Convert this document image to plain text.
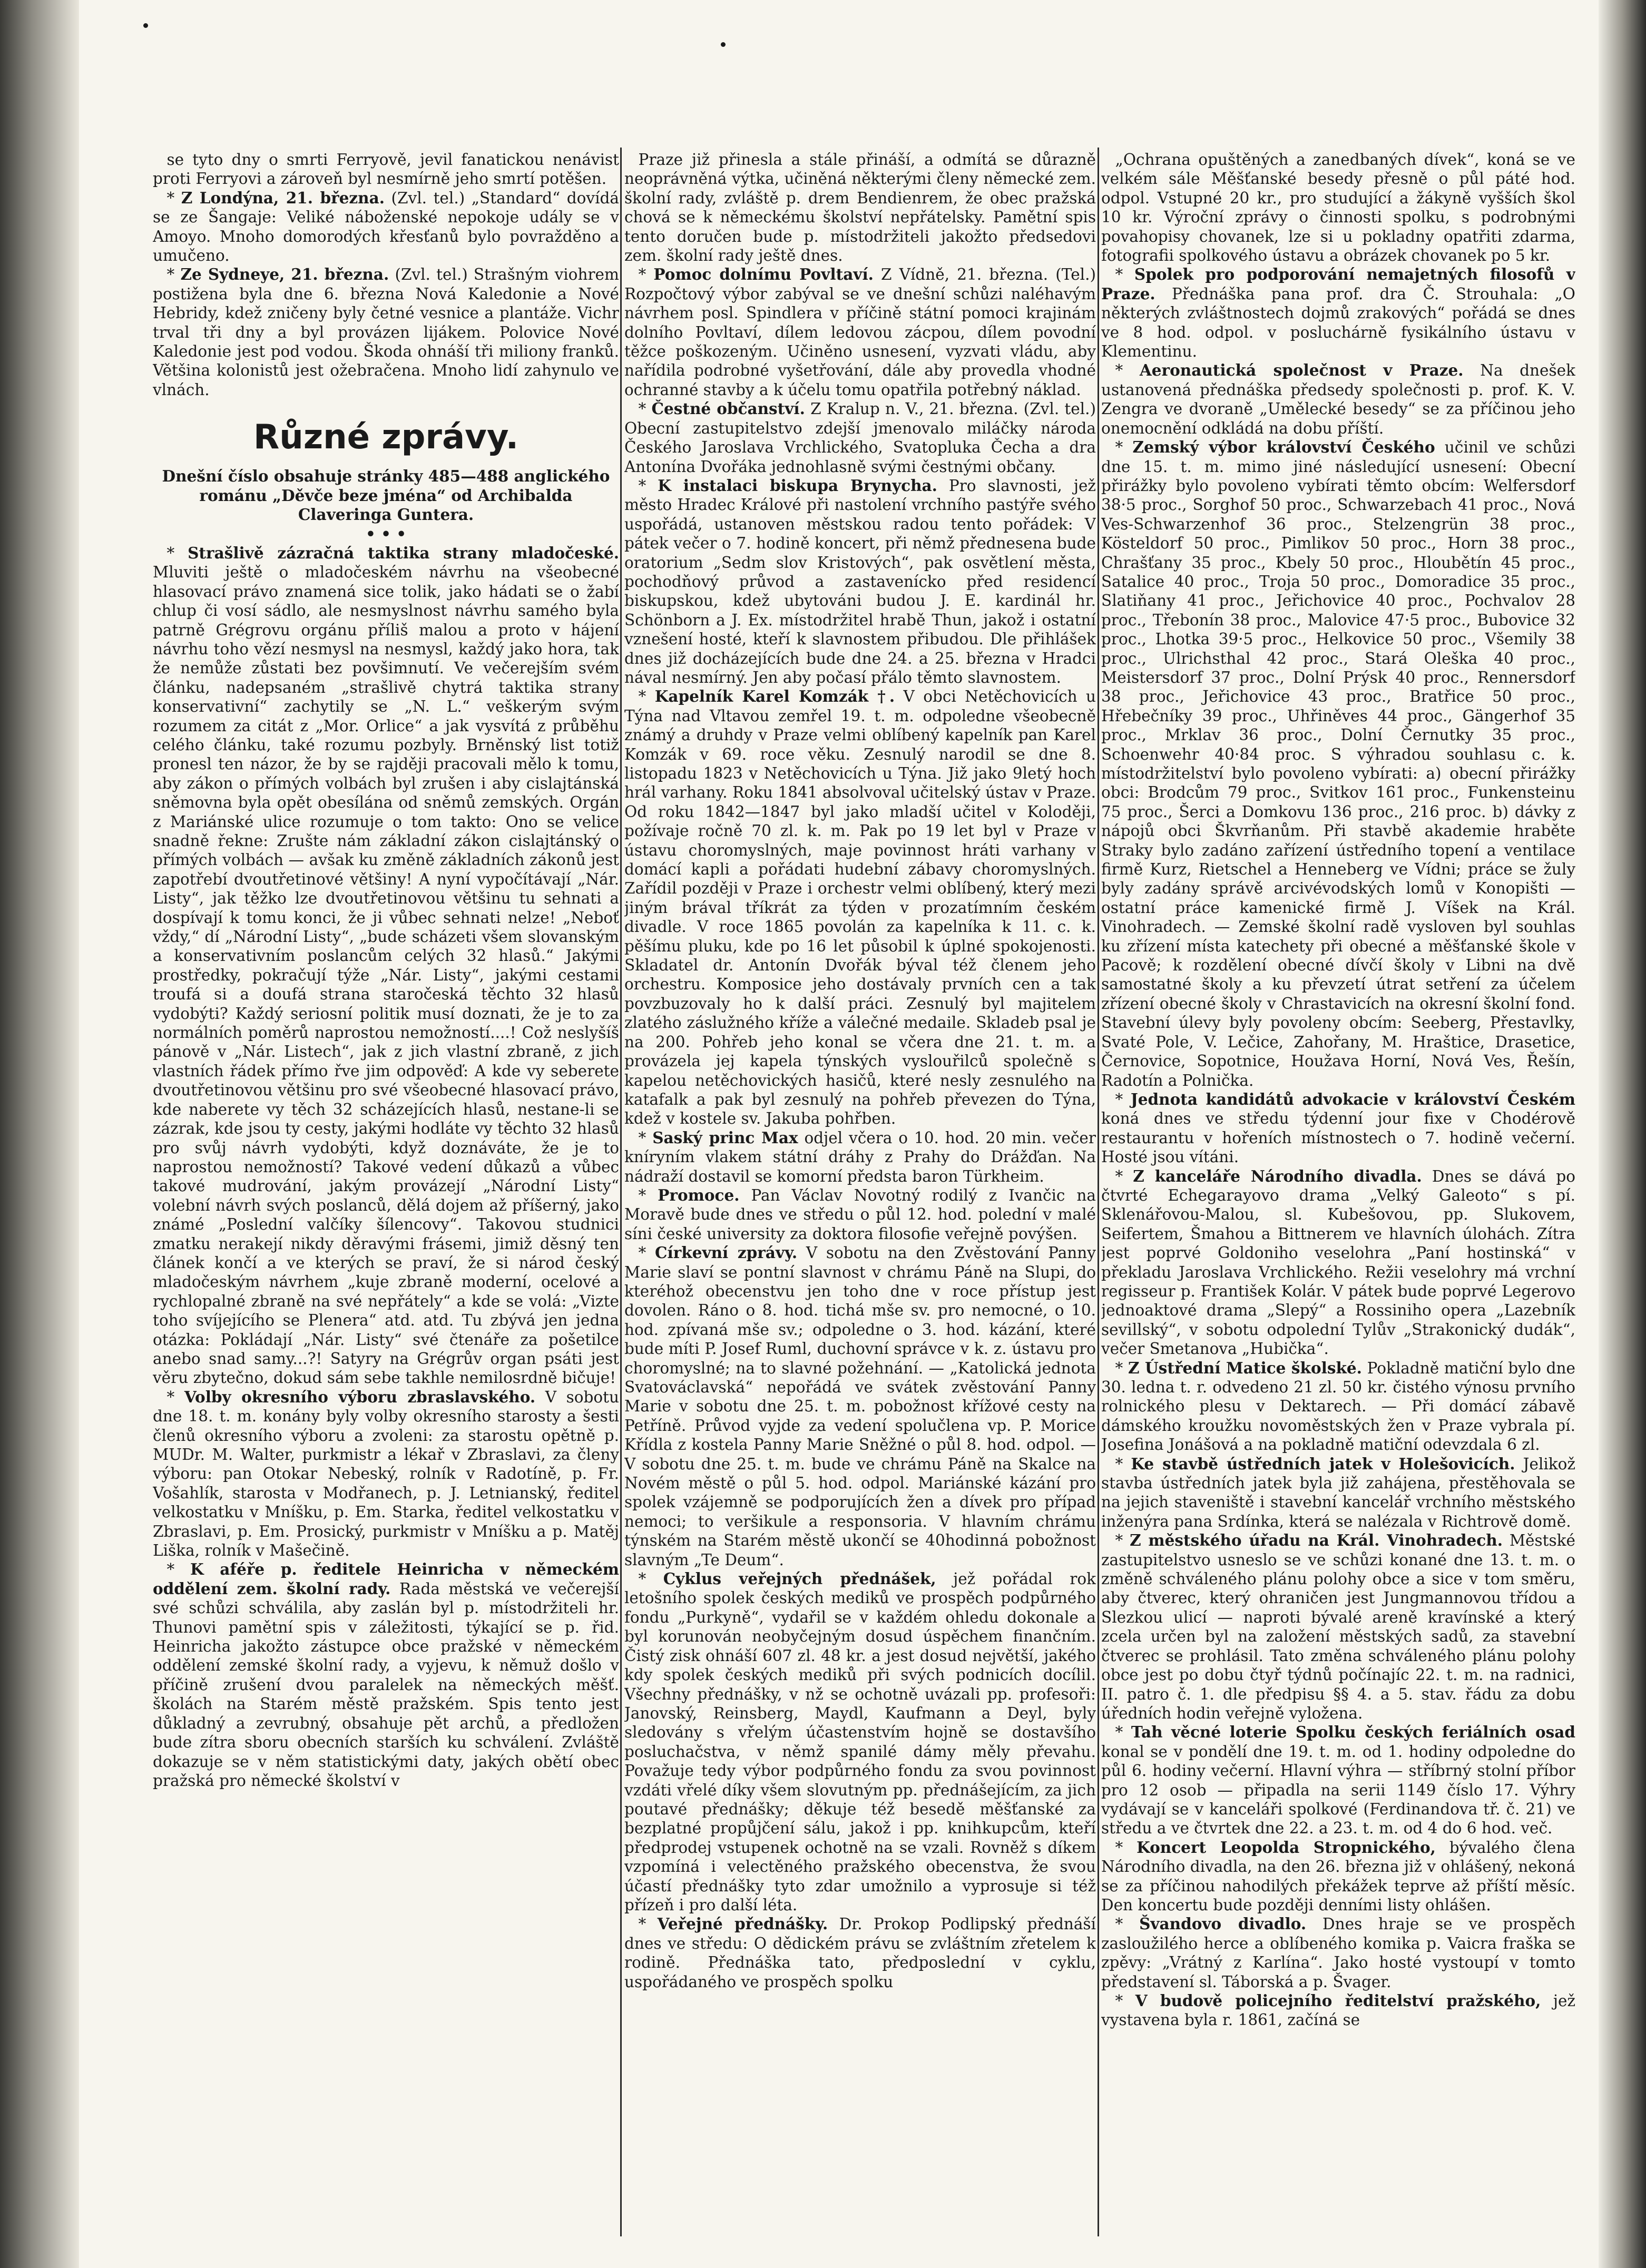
se tyto dny o smrti Ferryově, jevil fanatickou nenávist proti Ferryovi a zároveň byl nesmírně jeho smrtí potěšen.

* Z Londýna, 21. března. (Zvl. tel.) „Standard“ dovídá se ze Šangaje: Veliké náboženské nepokoje udály se v Amoyo. Mnoho domorodých křesťanů bylo povražděno a umučeno.

* Ze Sydneye, 21. března. (Zvl. tel.) Strašným viohrem postižena byla dne 6. března Nová Kaledonie a Nové Hebridy, kdež zničeny byly četné vesnice a plantáže. Vichr trval tři dny a byl provázen lijákem. Polovice Nové Kaledonie jest pod vodou. Škoda ohnáší tři miliony franků. Většina kolonistů jest ožebračena. Mnoho lidí zahynulo ve vlnách.

Různé zprávy.

Dnešní číslo obsahuje stránky 485—488 anglického románu „Děvče beze jména“ od Archibalda Claveringa Guntera.

• • •

* Strašlivě zázračná taktika strany mladočeské. Mluviti ještě o mladočeském návrhu na všeobecné hlasovací právo znamená sice tolik, jako hádati se o žabí chlup či vosí sádlo, ale nesmyslnost návrhu samého byla patrně Grégrovu orgánu příliš malou a proto v hájení návrhu toho vězí nesmysl na nesmysl, každý jako hora, tak že nemůže zůstati bez povšimnutí. Ve večerejším svém článku, nadepsaném „strašlivě chytrá taktika strany konservativní“ zachytily se „N. L.“ veškerým svým rozumem za citát z „Mor. Orlice“ a jak vysvítá z průběhu celého článku, také rozumu pozbyly. Brněnský list totiž pronesl ten názor, že by se rajději pracovali mělo k tomu, aby zákon o přímých volbách byl zrušen i aby cislajtánská sněmovna byla opět obesílána od sněmů zemských. Orgán z Mariánské ulice rozumuje o tom takto: Ono se velice snadně řekne: Zrušte nám základní zákon cislajtánský o přímých volbách — avšak ku změně základních zákonů jest zapotřebí dvoutřetinové většiny! A nyní vypočítávají „Nár. Listy“, jak těžko lze dvoutřetinovou většinu tu sehnati a dospívají k tomu konci, že ji vůbec sehnati nelze! „Neboť vždy,“ dí „Národní Listy“, „bude scházeti všem slovanským a konservativním poslancům celých 32 hlasů.“ Jakými prostředky, pokračují týže „Nár. Listy“, jakými cestami troufá si a doufá strana staročeská těchto 32 hlasů vydobýti? Každý seriosní politik musí doznati, že je to za normálních poměrů naprostou nemožností....! Což neslyšíš pánově v „Nár. Listech“, jak z jich vlastní zbraně, z jich vlastních řádek přímo řve jim odpověď: A kde vy seberete dvoutřetinovou většinu pro své všeobecné hlasovací právo, kde naberete vy těch 32 scházejících hlasů, nestane-li se zázrak, kde jsou ty cesty, jakými hodláte vy těchto 32 hlasů pro svůj návrh vydobýti, když doznáváte, že je to naprostou nemožností? Takové vedení důkazů a vůbec takové mudrování, jakým provázejí „Národní Listy“ volební návrh svých poslanců, dělá dojem až příšerný, jako známé „Poslední valčíky šílencovy“. Takovou studnici zmatku nerakejí nikdy děravými frásemi, jimiž děsný ten článek končí a ve kterých se praví, že si národ český mladočeským návrhem „kuje zbraně moderní, ocelové a rychlopalné zbraně na své nepřátely“ a kde se volá: „Vizte toho svíjejícího se Plenera“ atd. atd. Tu zbývá jen jedna otázka: Pokládají „Nár. Listy“ své čtenáře za pošetilce anebo snad samy...?! Satyry na Grégrův organ psáti jest věru zbytečno, dokud sám sebe takhle nemilosrdně bičuje!

* Volby okresního výboru zbraslavského. V sobotu dne 18. t. m. konány byly volby okresního starosty a šesti členů okresního výboru a zvoleni: za starostu opětně p. MUDr. M. Walter, purkmistr a lékař v Zbraslavi, za členy výboru: pan Otokar Nebeský, rolník v Radotíně, p. Fr. Vošahlík, starosta v Modřanech, p. J. Letnianský, ředitel velkostatku v Mníšku, p. Em. Starka, ředitel velkostatku v Zbraslavi, p. Em. Prosický, purkmistr v Mníšku a p. Matěj Liška, rolník v Mašečině.

* K aféře p. ředitele Heinricha v německém oddělení zem. školní rady. Rada městská ve večerejší své schůzi schválila, aby zaslán byl p. místodržiteli hr. Thunovi pamětní spis v záležitosti, týkající se p. řid. Heinricha jakožto zástupce obce pražské v německém oddělení zemské školní rady, a vyjevu, k němuž došlo v příčině zrušení dvou paralelek na německých měšť. školách na Starém městě pražském. Spis tento jest důkladný a zevrubný, obsahuje pět archů, a předložen bude zítra sboru obecních starších ku schválení. Zvláště dokazuje se v něm statistickými daty, jakých obětí obec pražská pro německé školství v

Praze již přinesla a stále přináší, a odmítá se důrazně neoprávněná výtka, učiněná některými členy německé zem. školní rady, zvláště p. drem Bendienrem, že obec pražská chová se k německému školství nepřátelsky. Pamětní spis tento doručen bude p. místodržiteli jakožto předsedovi zem. školní rady ještě dnes.

* Pomoc dolnímu Povltaví. Z Vídně, 21. března. (Tel.) Rozpočtový výbor zabýval se ve dnešní schůzi naléhavým návrhem posl. Spindlera v příčině státní pomoci krajinám dolního Povltaví, dílem ledovou zácpou, dílem povodní těžce poškozeným. Učiněno usnesení, vyzvati vládu, aby nařídila podrobné vyšetřování, dále aby provedla vhodné ochranné stavby a k účelu tomu opatřila potřebný náklad.

* Čestné občanství. Z Kralup n. V., 21. března. (Zvl. tel.) Obecní zastupitelstvo zdejší jmenovalo miláčky národa Českého Jaroslava Vrchlického, Svatopluka Čecha a dra Antonína Dvořáka jednohlasně svými čestnými občany.

* K instalaci biskupa Brynycha. Pro slavnosti, jež město Hradec Králové při nastolení vrchního pastýře svého uspořádá, ustanoven městskou radou tento pořádek: V pátek večer o 7. hodině koncert, při němž přednesena bude oratorium „Sedm slov Kristových“, pak osvětlení města, pochodňový průvod a zastavenícko před residencí biskupskou, kdež ubytováni budou J. E. kardinál hr. Schönborn a J. Ex. místodržitel hrabě Thun, jakož i ostatní vznešení hosté, kteří k slavnostem přibudou. Dle přihlášek dnes již docházejících bude dne 24. a 25. března v Hradci nával nesmírný. Jen aby počasí přálo těmto slavnostem.

* Kapelník Karel Komzák †. V obci Netěchovicích u Týna nad Vltavou zemřel 19. t. m. odpoledne všeobecně známý a druhdy v Praze velmi oblíbený kapelník pan Karel Komzák v 69. roce věku. Zesnulý narodil se dne 8. listopadu 1823 v Netěchovicích u Týna. Již jako 9letý hoch hrál varhany. Roku 1841 absolvoval učitelský ústav v Praze. Od roku 1842—1847 byl jako mladší učitel v Koloději, požívaje ročně 70 zl. k. m. Pak po 19 let byl v Praze v ústavu choromyslných, maje povinnost hráti varhany v domácí kapli a pořádati hudební zábavy choromyslných. Zařídil později v Praze i orchestr velmi oblíbený, který mezi jiným brával tříkrát za týden v prozatímním českém divadle. V roce 1865 povolán za kapelníka k 11. c. k. pěšímu pluku, kde po 16 let působil k úplné spokojenosti. Skladatel dr. Antonín Dvořák býval též členem jeho orchestru. Komposice jeho dostávaly prvních cen a tak povzbuzovaly ho k další práci. Zesnulý byl majitelem zlatého záslužného kříže a válečné medaile. Skladeb psal je na 200. Pohřeb jeho konal se včera dne 21. t. m. a provázela jej kapela týnských vyslouřilců společně s kapelou netěchovických hasičů, které nesly zesnulého na katafalk a pak byl zesnulý na pohřeb převezen do Týna, kdež v kostele sv. Jakuba pohřben.

* Saský princ Max odjel včera o 10. hod. 20 min. večer kníryním vlakem státní dráhy z Prahy do Drážďan. Na nádraží dostavil se komorní předsta baron Türkheim.

* Promoce. Pan Václav Novotný rodilý z Ivančic na Moravě bude dnes ve středu o půl 12. hod. polední v malé síni české university za doktora filosofie veřejně povýšen.

* Církevní zprávy. V sobotu na den Zvěstování Panny Marie slaví se pontní slavnost v chrámu Páně na Slupi, do kteréhož obecenstvu jen toho dne v roce přístup jest dovolen. Ráno o 8. hod. tichá mše sv. pro nemocné, o 10. hod. zpívaná mše sv.; odpoledne o 3. hod. kázání, které bude míti P. Josef Ruml, duchovní správce v k. z. ústavu pro choromyslné; na to slavné požehnání. — „Katolická jednota Svatováclavská“ nepořádá ve svátek zvěstování Panny Marie v sobotu dne 25. t. m. pobožnost křížové cesty na Petříně. Průvod vyjde za vedení spolučlena vp. P. Morice Křídla z kostela Panny Marie Sněžné o půl 8. hod. odpol. — V sobotu dne 25. t. m. bude ve chrámu Páně na Skalce na Novém městě o půl 5. hod. odpol. Mariánské kázání pro spolek vzájemně se podporujících žen a dívek pro případ nemoci; to veršikule a responsoria. V hlavním chrámu týnském na Starém městě ukončí se 40hodinná pobožnost slavným „Te Deum“.

* Cyklus veřejných přednášek, jež pořádal rok letošního spolek českých mediků ve prospěch podpůrného fondu „Purkyně“, vydařil se v každém ohledu dokonale a byl korunován neobyčejným dosud úspěchem finančním. Čistý zisk ohnáší 607 zl. 48 kr. a jest dosud největší, jakého kdy spolek českých mediků při svých podnicích docílil. Všechny přednášky, v nž se ochotně uvázali pp. profesoři: Janovský, Reinsberg, Maydl, Kaufmann a Deyl, byly sledovány s vřelým účastenstvím hojně se dostavšího posluchačstva, v němž spanilé dámy měly převahu. Považuje tedy výbor podpůrného fondu za svou povinnost vzdáti vřelé díky všem slovutným pp. přednášejícím, za jich poutavé přednášky; děkuje též besedě měšťanské za bezplatné propůjčení sálu, jakož i pp. knihkupcům, kteří předprodej vstupenek ochotně na se vzali. Rovněž s díkem vzpomíná i velectěného pražského obecenstva, že svou účastí přednášky tyto zdar umožnilo a vyprosuje si též přízeň i pro další léta.

* Veřejné přednášky. Dr. Prokop Podlipský přednáší dnes ve středu: O dědickém právu se zvláštním zřetelem k rodině. Přednáška tato, předposlední v cyklu, uspořádaného ve prospěch spolku

„Ochrana opuštěných a zanedbaných dívek“, koná se ve velkém sále Měšťanské besedy přesně o půl páté hod. odpol. Vstupné 20 kr., pro studující a žákyně vyšších škol 10 kr. Výroční zprávy o činnosti spolku, s podrobnými povahopisy chovanek, lze si u pokladny opatřiti zdarma, fotografii spolkového ústavu a obrázek chovanek po 5 kr.

* Spolek pro podporování nemajetných filosofů v Praze. Přednáška pana prof. dra Č. Strouhala: „O některých zvláštnostech dojmů zrakových“ pořádá se dnes ve 8 hod. odpol. v posluchárně fysikálního ústavu v Klementinu.

* Aeronautická společnost v Praze. Na dnešek ustanovená přednáška předsedy společnosti p. prof. K. V. Zengra ve dvoraně „Umělecké besedy“ se za příčinou jeho onemocnění odkládá na dobu příští.

* Zemský výbor království Českého učinil ve schůzi dne 15. t. m. mimo jiné následující usnesení: Obecní přirážky bylo povoleno vybírati těmto obcím: Welfersdorf 38·5 proc., Sorghof 50 proc., Schwarzebach 41 proc., Nová Ves-Schwarzenhof 36 proc., Stelzengrün 38 proc., Kösteldorf 50 proc., Pimlikov 50 proc., Horn 38 proc., Chrašťany 35 proc., Kbely 50 proc., Hloubětín 45 proc., Satalice 40 proc., Troja 50 proc., Domoradice 35 proc., Slatiňany 41 proc., Jeřichovice 40 proc., Pochvalov 28 proc., Třebonín 38 proc., Malovice 47·5 proc., Bubovice 32 proc., Lhotka 39·5 proc., Helkovice 50 proc., Všemily 38 proc., Ulrichsthal 42 proc., Stará Oleška 40 proc., Meistersdorf 37 proc., Dolní Prýsk 40 proc., Rennersdorf 38 proc., Jeřichovice 43 proc., Bratřice 50 proc., Hřebečníky 39 proc., Uhřiněves 44 proc., Gängerhof 35 proc., Mrklav 36 proc., Dolní Černutky 35 proc., Schoenwehr 40·84 proc. S výhradou souhlasu c. k. místodržitelství bylo povoleno vybírati: a) obecní přirážky obci: Brodcům 79 proc., Svitkov 161 proc., Funkensteinu 75 proc., Šerci a Domkovu 136 proc., 216 proc. b) dávky z nápojů obci Škvrňanům. Při stavbě akademie hraběte Straky bylo zadáno zařízení ústředního topení a ventilace firmě Kurz, Rietschel a Henneberg ve Vídni; práce se žuly byly zadány správě arcivévodských lomů v Konopišti — ostatní práce kamenické firmě J. Víšek na Král. Vinohradech. — Zemské školní radě vysloven byl souhlas ku zřízení místa katechety při obecné a měšťanské škole v Pacově; k rozdělení obecné dívčí školy v Libni na dvě samostatné školy a ku převzetí útrat setření za účelem zřízení obecné školy v Chrastavicích na okresní školní fond. Stavební úlevy byly povoleny obcím: Seeberg, Přestavlky, Svaté Pole, V. Lečice, Zahořany, M. Hraštice, Drasetice, Černovice, Sopotnice, Houžava Horní, Nová Ves, Řešín, Radotín a Polnička.

* Jednota kandidátů advokacie v království Českém koná dnes ve středu týdenní jour fixe v Chodérově restaurantu v hořeních místnostech o 7. hodině večerní. Hosté jsou vítáni.

* Z kanceláře Národního divadla. Dnes se dává po čtvrté Echegarayovo drama „Velký Galeoto“ s pí. Sklenářovou-Malou, sl. Kubešovou, pp. Slukovem, Seifertem, Šmahou a Bittnerem ve hlavních úlohách. Zítra jest poprvé Goldoniho veselohra „Paní hostinská“ v překladu Jaroslava Vrchlického. Režii veselohry má vrchní regisseur p. František Kolár. V pátek bude poprvé Legerovo jednoaktové drama „Slepý“ a Rossiniho opera „Lazebník sevillský“, v sobotu odpolední Tylův „Strakonický dudák“, večer Smetanova „Hubička“.

* Z Ústřední Matice školské. Pokladně matiční bylo dne 30. ledna t. r. odvedeno 21 zl. 50 kr. čistého výnosu prvního rolnického plesu v Dektarech. — Při domácí zábavě dámského kroužku novoměstských žen v Praze vybrala pí. Josefina Jonášová a na pokladně matiční odevzdala 6 zl.

* Ke stavbě ústředních jatek v Holešovicích. Jelikož stavba ústředních jatek byla již zahájena, přestěhovala se na jejich staveniště i stavební kancelář vrchního městského inženýra pana Srdínka, která se nalézala v Richtrově domě.

* Z městského úřadu na Král. Vinohradech. Městské zastupitelstvo usneslo se ve schůzi konané dne 13. t. m. o změně schváleného plánu polohy obce a sice v tom směru, aby čtverec, který ohraničen jest Jungmannovou třídou a Slezkou ulicí — naproti bývalé areně kravínské a který zcela určen byl na založení městských sadů, za stavební čtverec se prohlásil. Tato změna schváleného plánu polohy obce jest po dobu čtyř týdnů počínajíc 22. t. m. na radnici, II. patro č. 1. dle předpisu §§ 4. a 5. stav. řádu za dobu úředních hodin veřejně vyložena.

* Tah věcné loterie Spolku českých feriálních osad konal se v pondělí dne 19. t. m. od 1. hodiny odpoledne do půl 6. hodiny večerní. Hlavní výhra — stříbrný stolní příbor pro 12 osob — připadla na serii 1149 číslo 17. Výhry vydávají se v kanceláři spolkové (Ferdinandova tř. č. 21) ve středu a ve čtvrtek dne 22. a 23. t. m. od 4 do 6 hod. več.

* Koncert Leopolda Stropnického, bývalého člena Národního divadla, na den 26. března již v ohlášený, nekoná se za příčinou nahodilých překážek teprve až příští měsíc. Den koncertu bude později denními listy ohlášen.

* Švandovo divadlo. Dnes hraje se ve prospěch zasloužilého herce a oblíbeného komika p. Vaicra fraška se zpěvy: „Vrátný z Karlína“. Jako hosté vystoupí v tomto představení sl. Táborská a p. Švager.

* V budově policejního ředitelství pražského, jež vystavena byla r. 1861, začíná se
